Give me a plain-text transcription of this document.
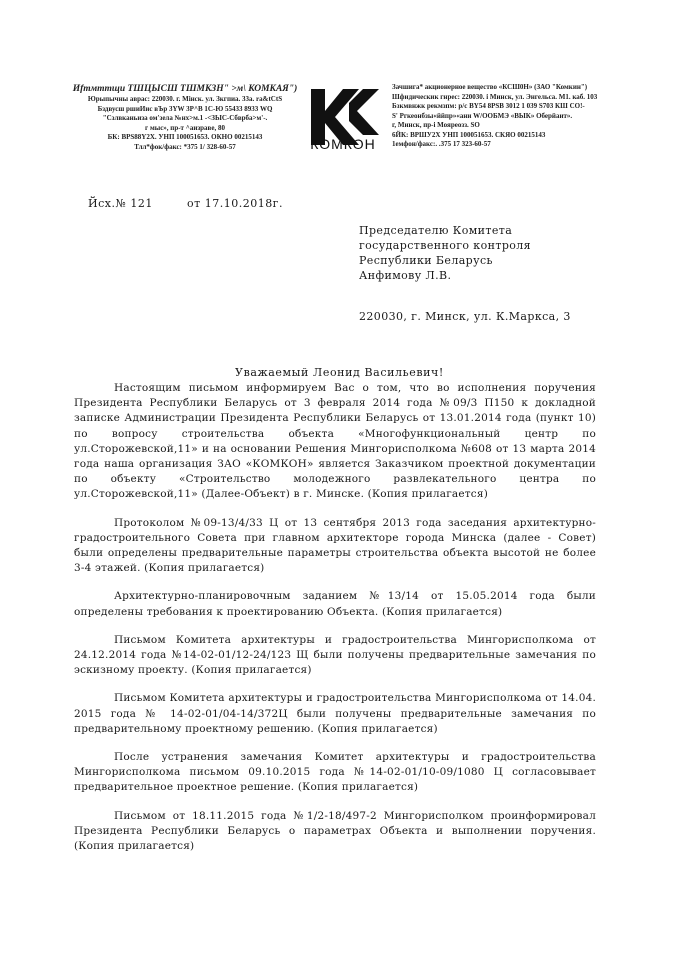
Иfтмттщи ТШЦЫСШ ТШМКЗН" >м\ КОМКАЯ")
Юрыпычны аврас: 220030. г. Мiнск. ул. Зкгпиа. 33а. rа&tCtS
Бздвусш ршиИис вЪр 3YW 3Р^В 1С-Ю 55433 8933 WQ
"Сзлвканьиза ом'зела №нх>м.1 -<ЗЫС-Сбврба>м'-.
г мыс», пр-т ^аизраве, 80
БК: BPS88Y2X. УНП 100051653. ОКНО 00215143
Тлл*фок/факс: *375 1/ 328-60-57	КОМКОН
Зачшига* акционерное вещество «КСШ0Н» (ЗАО "Комкин")
Шфидическик гнрес: 220030. i Минск, ул. Энгельса. М1. каб. 103
Бзкмвнжк рекмзпм: р/с BY54 8PSB 3012 1 039 S703 КШ СО!-
S' Ргкеонбзы«ййпр»«ани W/ООБМЭ «ВЫК» Оберйаит».
г, Минск, пр-i Мояреозз. SO
6ЙК: ВРШУ2Х УНП 100051653. СКЯО 00215143
1емфон/факс:. .375 17 323-60-57
Йсх.№ 121	от 17.10.2018г.
Председателю Комитета
государственного контроля
Республики Беларусь
Анфимову Л.В.
220030, г. Минск, ул. К.Маркса, 3
Уважаемый Леонид Васильевич!

Настоящим письмом информируем Вас о том, что во исполнения поручения Президента Республики Беларусь от 3 февраля 2014 года №09/3 П150 к докладной записке Администрации Президента Республики Беларусь от 13.01.2014 года (пункт 10) по вопросу строительства объекта «Многофункциональный центр по ул.Сторожевской,11» и на основании Решения Мингорисполкома №608 от 13 марта 2014 года наша организация ЗАО «КОМКОН» является Заказчиком проектной документации по объекту «Строительство молодежного развлекательного центра по ул.Сторожевской,11» (Далее-Объект) в г. Минске. (Копия прилагается)

Протоколом №09-13/4/33 Ц от 13 сентября 2013 года заседания архитектурно-градостроительного Совета при главном архитекторе города Минска (далее - Совет) были определены предварительные параметры строительства объекта высотой не более 3-4 этажей. (Копия прилагается)

Архитектурно-планировочным заданием №13/14 от 15.05.2014 года были определены требования к проектированию Объекта. (Копия прилагается)

Письмом Комитета архитектуры и градостроительства Мингорисполкома от 24.12.2014 года №14-02-01/12-24/123 Щ были получены предварительные замечания по эскизному проекту. (Копия прилагается)

Письмом Комитета архитектуры и градостроительства Мингорисполкома от 14.04. 2015 года № 14-02-01/04-14/372Ц были получены предварительные замечания по предварительному проектному решению. (Копия прилагается)

После устранения замечания Комитет архитектуры и градостроительства Мингорисполкома письмом 09.10.2015 года №14-02-01/10-09/1080 Ц согласовывает предварительное проектное решение. (Копия прилагается)

Письмом от 18.11.2015 года №1/2-18/497-2 Мингорисполком проинформировал Президента Республики Беларусь о параметрах Объекта и выполнении поручения. (Копия прилагается)
